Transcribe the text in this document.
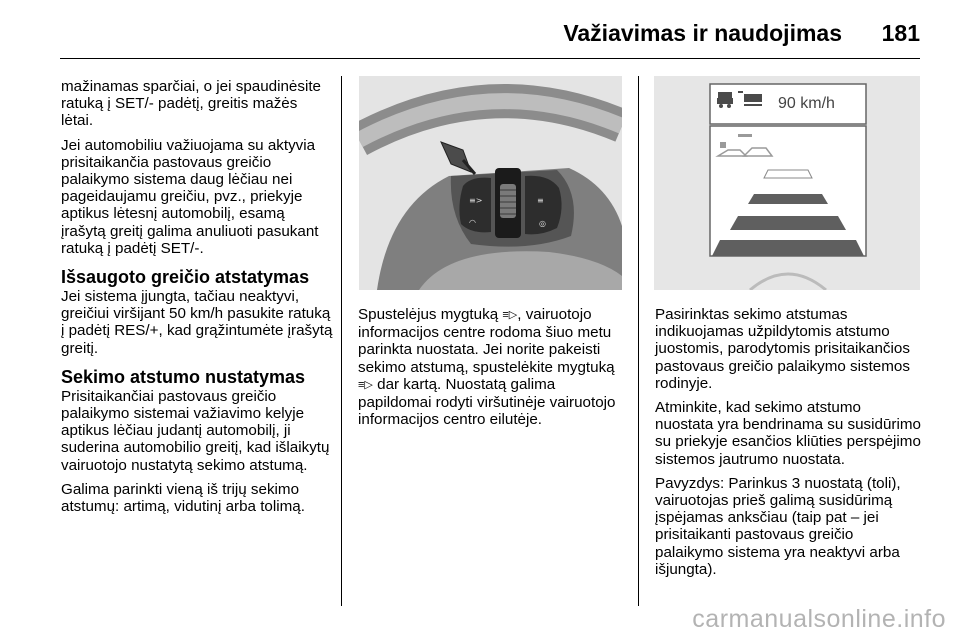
Važiavimas ir naudojimas 181

mažinamas sparčiai, o jei spaudinėsite ratuką į SET/- padėtį, greitis mažės lėtai.

Jei automobiliu važiuojama su aktyvia prisitaikančia pastovaus greičio palaikymo sistema daug lėčiau nei pageidaujamu greičiu, pvz., priekyje aptikus lėtesnį automobilį, esamą įrašytą greitį galima anuliuoti pasukant ratuką į padėtį SET/-.

Išsaugoto greičio atstatymas

Jei sistema įjungta, tačiau neaktyvi, greičiui viršijant 50 km/h pasukite ratuką į padėtį RES/+, kad grąžintumėte įrašytą greitį.

Sekimo atstumo nustatymas

Prisitaikančiai pastovaus greičio palaikymo sistemai važiavimo kelyje aptikus lėčiau judantį automobilį, ji suderina automobilio greitį, kad išlaikytų vairuotojo nustatytą sekimo atstumą.

Galima parinkti vieną iš trijų sekimo atstumų: artimą, vidutinį arba tolimą.

≡>
◠
≡
◎
90 km/h

Spustelėjus mygtuką ≡▷, vairuotojo informacijos centre rodoma šiuo metu parinkta nuostata. Jei norite pakeisti sekimo atstumą, spustelėkite mygtuką ≡▷ dar kartą. Nuostatą galima papildomai rodyti viršutinėje vairuotojo informacijos centro eilutėje.

Pasirinktas sekimo atstumas indikuojamas užpildytomis atstumo juostomis, parodytomis prisitaikančios pastovaus greičio palaikymo sistemos rodinyje.

Atminkite, kad sekimo atstumo nuostata yra bendrinama su susidūrimo su priekyje esančios kliūties perspėjimo sistemos jautrumo nuostata.

Pavyzdys: Parinkus 3 nuostatą (toli), vairuotojas prieš galimą susidūrimą įspėjamas anksčiau (taip pat – jei prisitaikanti pastovaus greičio palaikymo sistema yra neaktyvi arba išjungta).

carmanualsonline.info
